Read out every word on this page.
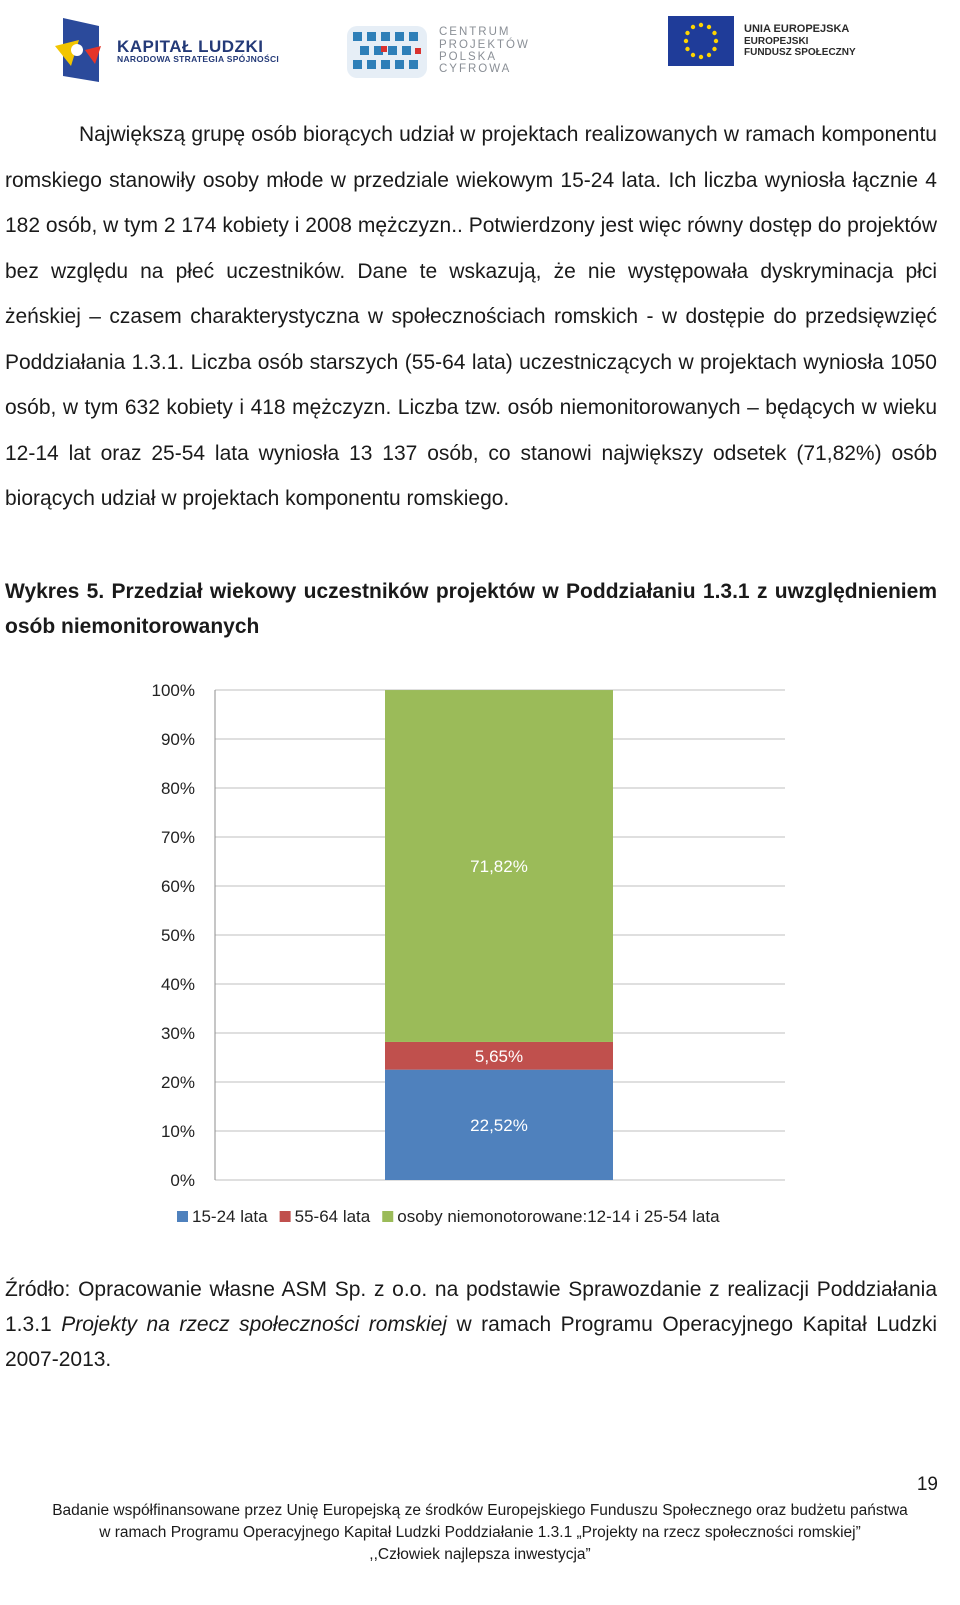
KAPITAŁ LUDZKI
NARODOWA STRATEGIA SPÓJNOŚCI
CENTRUM
PROJEKTÓW
POLSKA
CYFROWA
UNIA EUROPEJSKA
EUROPEJSKI
FUNDUSZ SPOŁECZNY

Największą grupę osób biorących udział w projektach realizowanych w ramach komponentu romskiego stanowiły osoby młode w przedziale wiekowym 15-24 lata. Ich liczba wyniosła łącznie 4 182 osób, w tym 2 174 kobiety i 2008 mężczyzn.. Potwierdzony jest więc równy dostęp do projektów bez względu na płeć uczestników. Dane te wskazują, że nie występowała dyskryminacja płci żeńskiej – czasem charakterystyczna w społecznościach romskich - w dostępie do przedsięwzięć Poddziałania 1.3.1. Liczba osób starszych (55-64 lata) uczestniczących w projektach wyniosła 1050 osób, w tym 632 kobiety i 418 mężczyzn. Liczba tzw. osób niemonitorowanych – będących w wieku 12-14 lat oraz 25-54 lata wyniosła 13 137 osób, co stanowi największy odsetek (71,82%) osób biorących udział w projektach komponentu romskiego.

Wykres 5. Przedział wiekowy uczestników projektów w Poddziałaniu 1.3.1 z uwzględnieniem osób niemonitorowanych

0%
10%
20%
30%
40%
50%
60%
70%
80%
90%
100%
22,52%
5,65%
71,82%
15-24 lata 55-64 lata osoby niemonotorowane:12-14 i 25-54 lata

Źródło: Opracowanie własne ASM Sp. z o.o. na podstawie Sprawozdanie z realizacji Poddziałania 1.3.1 Projekty na rzecz społeczności romskiej w ramach Programu Operacyjnego Kapitał Ludzki 2007-2013.

19
Badanie współfinansowane przez Unię Europejską ze środków Europejskiego Funduszu Społecznego oraz budżetu państwa
w ramach Programu Operacyjnego Kapitał Ludzki Poddziałanie 1.3.1 „Projekty na rzecz społeczności romskiej”
,,Człowiek najlepsza inwestycja”
